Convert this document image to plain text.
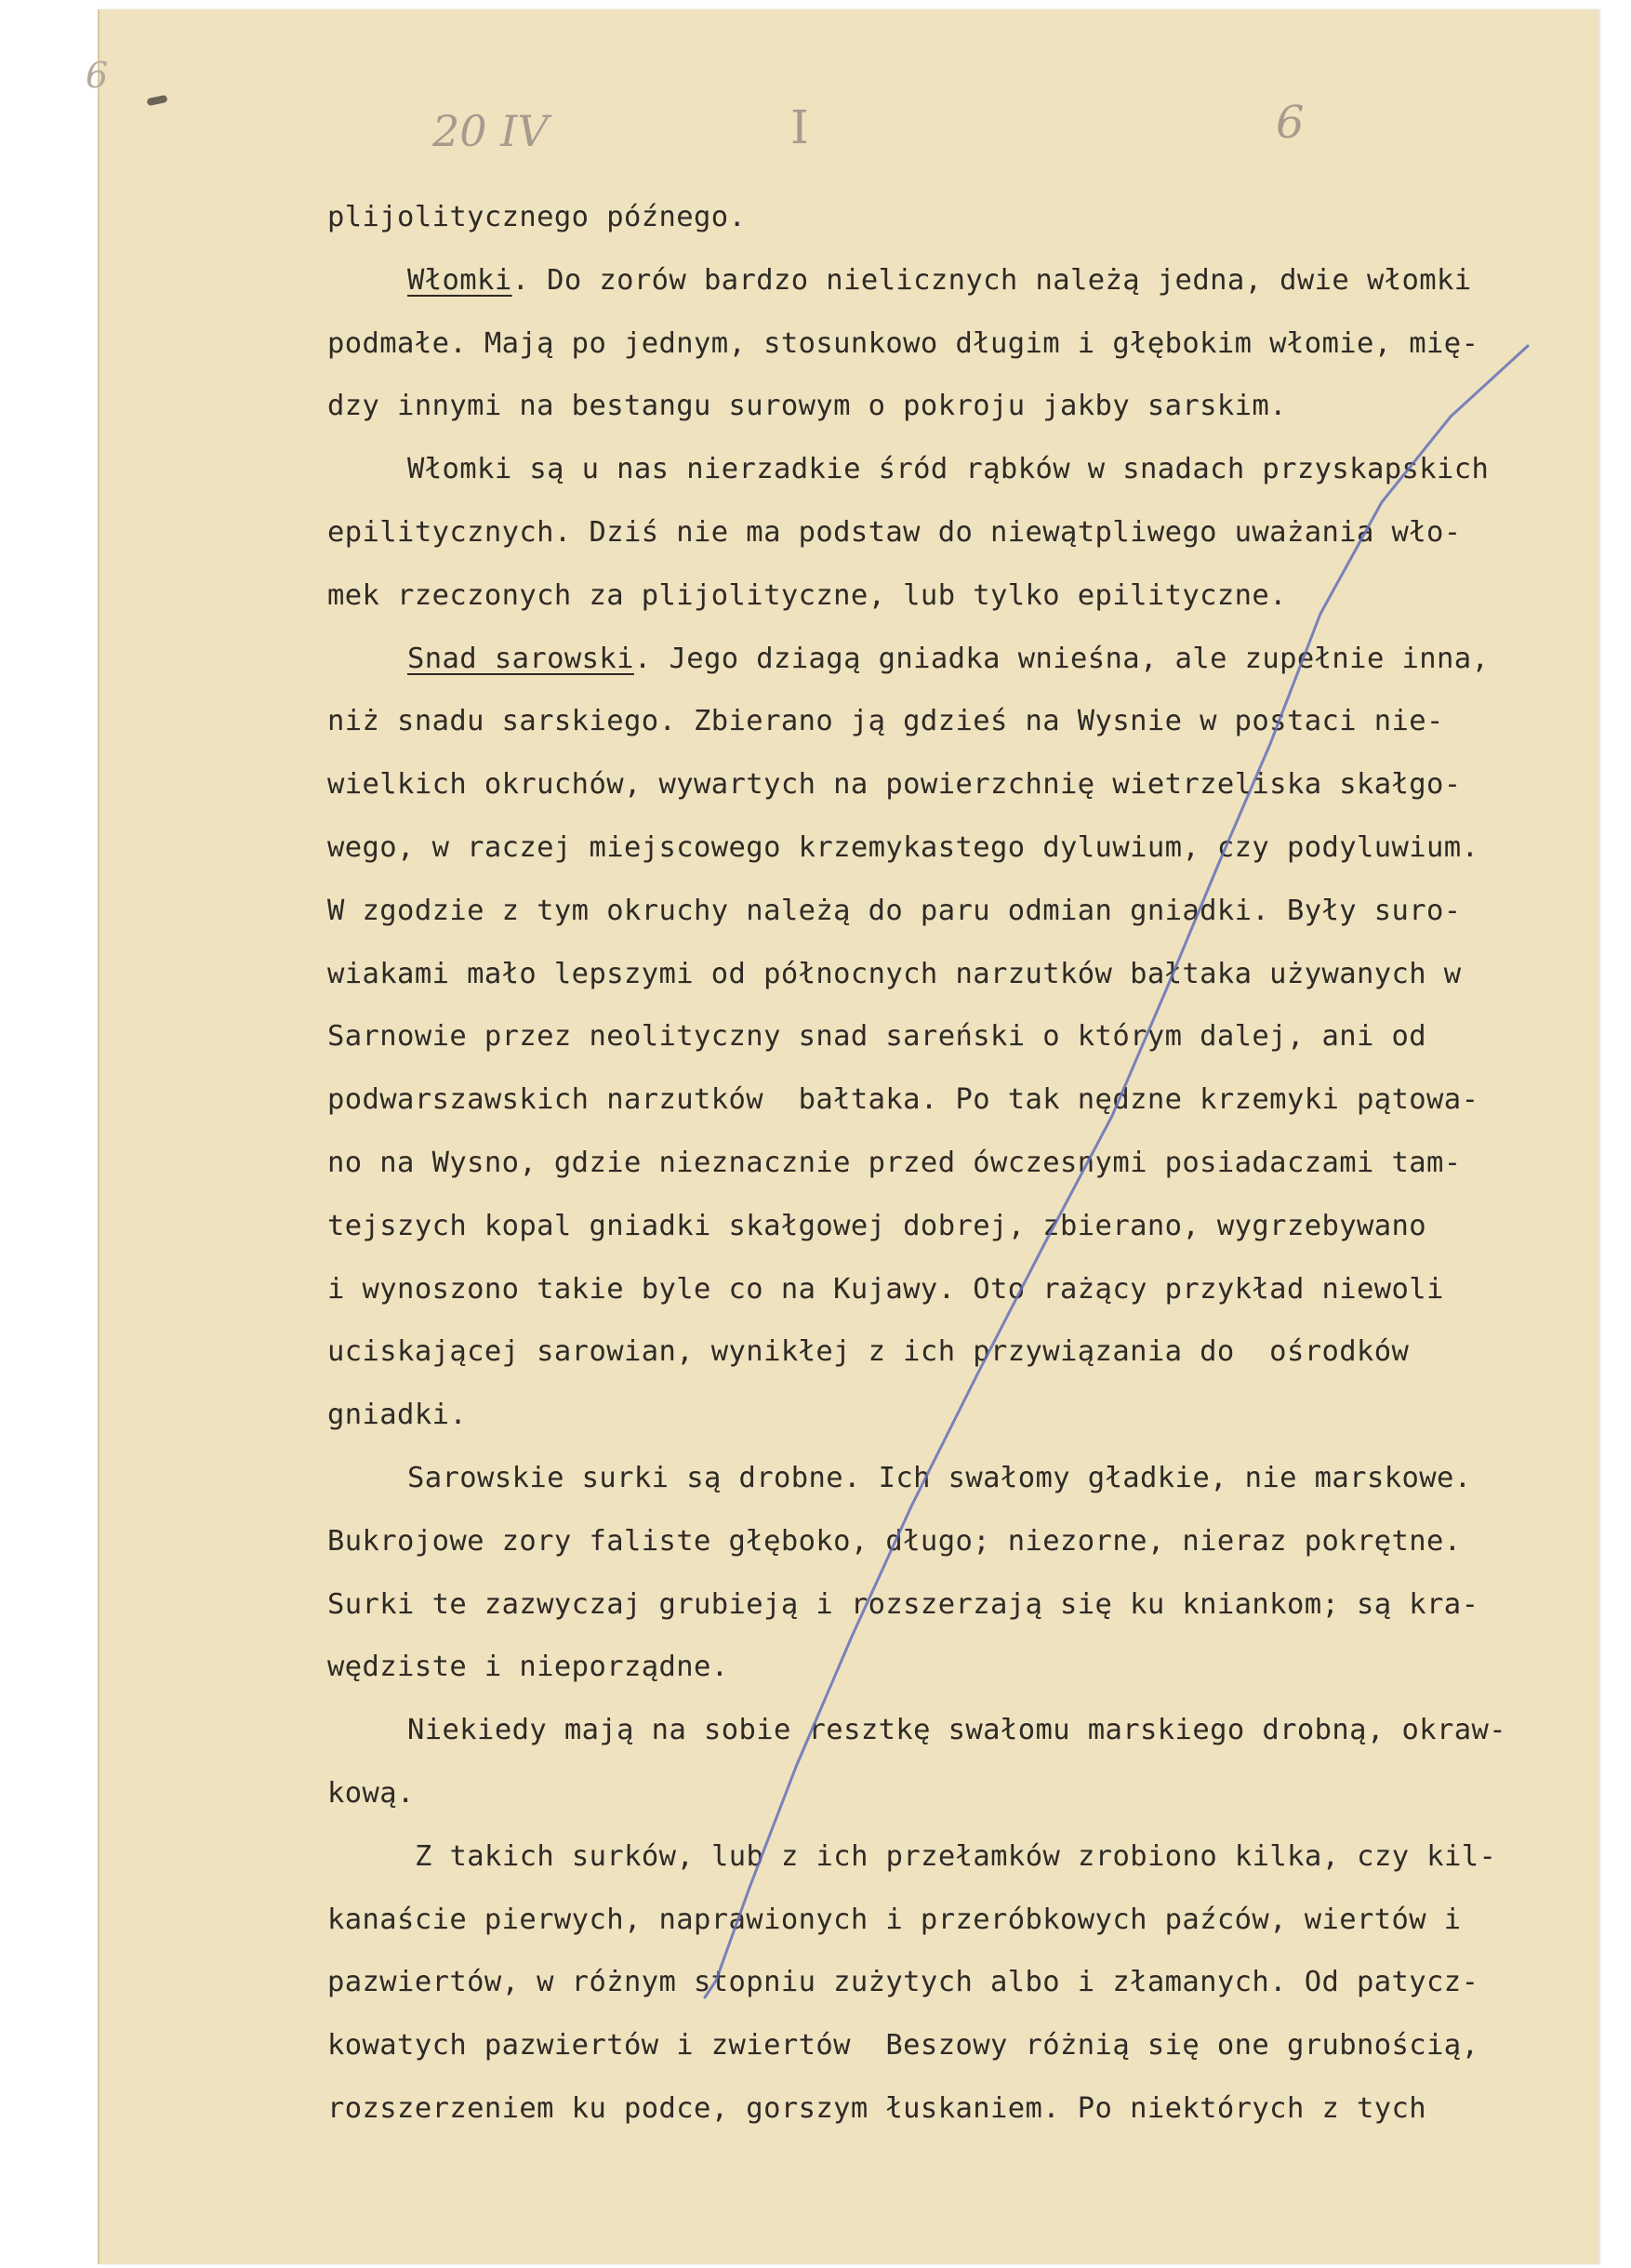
6
20 IV	I	6
plijolitycznego późnego.
Włomki. Do zorów bardzo nielicznych należą jedna, dwie włomki
podmałe. Mają po jednym, stosunkowo długim i głębokim włomie, mię-
dzy innymi na bestangu surowym o pokroju jakby sarskim.
Włomki są u nas nierzadkie śród rąbków w snadach przyskapskich
epilitycznych. Dziś nie ma podstaw do niewątpliwego uważania wło-
mek rzeczonych za plijolityczne, lub tylko epilityczne.
Snad sarowski. Jego dziagą gniadka wnieśna, ale zupełnie inna,
niż snadu sarskiego. Zbierano ją gdzieś na Wysnie w postaci nie-
wielkich okruchów, wywartych na powierzchnię wietrzeliska skałgo-
wego, w raczej miejscowego krzemykastego dyluwium, czy podyluwium.
W zgodzie z tym okruchy należą do paru odmian gniadki. Były suro-
wiakami mało lepszymi od północnych narzutków bałtaka używanych w
Sarnowie przez neolityczny snad sareński o którym dalej, ani od
podwarszawskich narzutków  bałtaka. Po tak nędzne krzemyki pątowa-
no na Wysno, gdzie nieznacznie przed ówczesnymi posiadaczami tam-
tejszych kopal gniadki skałgowej dobrej, zbierano, wygrzebywano
i wynoszono takie byle co na Kujawy. Oto rażący przykład niewoli
uciskającej sarowian, wynikłej z ich przywiązania do  ośrodków
gniadki.
Sarowskie surki są drobne. Ich swałomy gładkie, nie marskowe.
Bukrojowe zory faliste głęboko, długo; niezorne, nieraz pokrętne.
Surki te zazwyczaj grubieją i rozszerzają się ku kniankom; są kra-
wędziste i nieporządne.
Niekiedy mają na sobie resztkę swałomu marskiego drobną, okraw-
kową.
Z takich surków, lub z ich przełamków zrobiono kilka, czy kil-
kanaście pierwych, naprawionych i przeróbkowych paźców, wiertów i
pazwiertów, w różnym stopniu zużytych albo i złamanych. Od patycz-
kowatych pazwiertów i zwiertów  Beszowy różnią się one grubnością,
rozszerzeniem ku podce, gorszym łuskaniem. Po niektórych z tych
